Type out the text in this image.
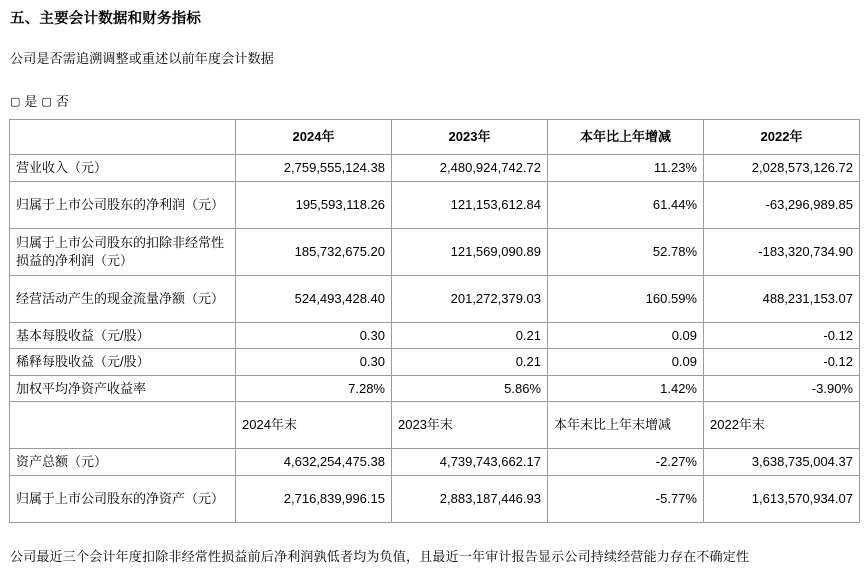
五、主要会计数据和财务指标
公司是否需追溯调整或重述以前年度会计数据
▢ 是 ▢ 否
	2024年	2023年	本年比上年增减	2022年
营业收入（元）	2,759,555,124.38	2,480,924,742.72	11.23%	2,028,573,126.72
归属于上市公司股东的净利润（元）	195,593,118.26	121,153,612.84	61.44%	-63,296,989.85
归属于上市公司股东的扣除非经常性损益的净利润（元）	185,732,675.20	121,569,090.89	52.78%	-183,320,734.90
经营活动产生的现金流量净额（元）	524,493,428.40	201,272,379.03	160.59%	488,231,153.07
基本每股收益（元/股）	0.30	0.21	0.09	-0.12
稀释每股收益（元/股）	0.30	0.21	0.09	-0.12
加权平均净资产收益率	7.28%	5.86%	1.42%	-3.90%
	2024年末	2023年末	本年末比上年末增减	2022年末
资产总额（元）	4,632,254,475.38	4,739,743,662.17	-2.27%	3,638,735,004.37
归属于上市公司股东的净资产（元）	2,716,839,996.15	2,883,187,446.93	-5.77%	1,613,570,934.07
公司最近三个会计年度扣除非经常性损益前后净利润孰低者均为负值，且最近一年审计报告显示公司持续经营能力存在不确定性
